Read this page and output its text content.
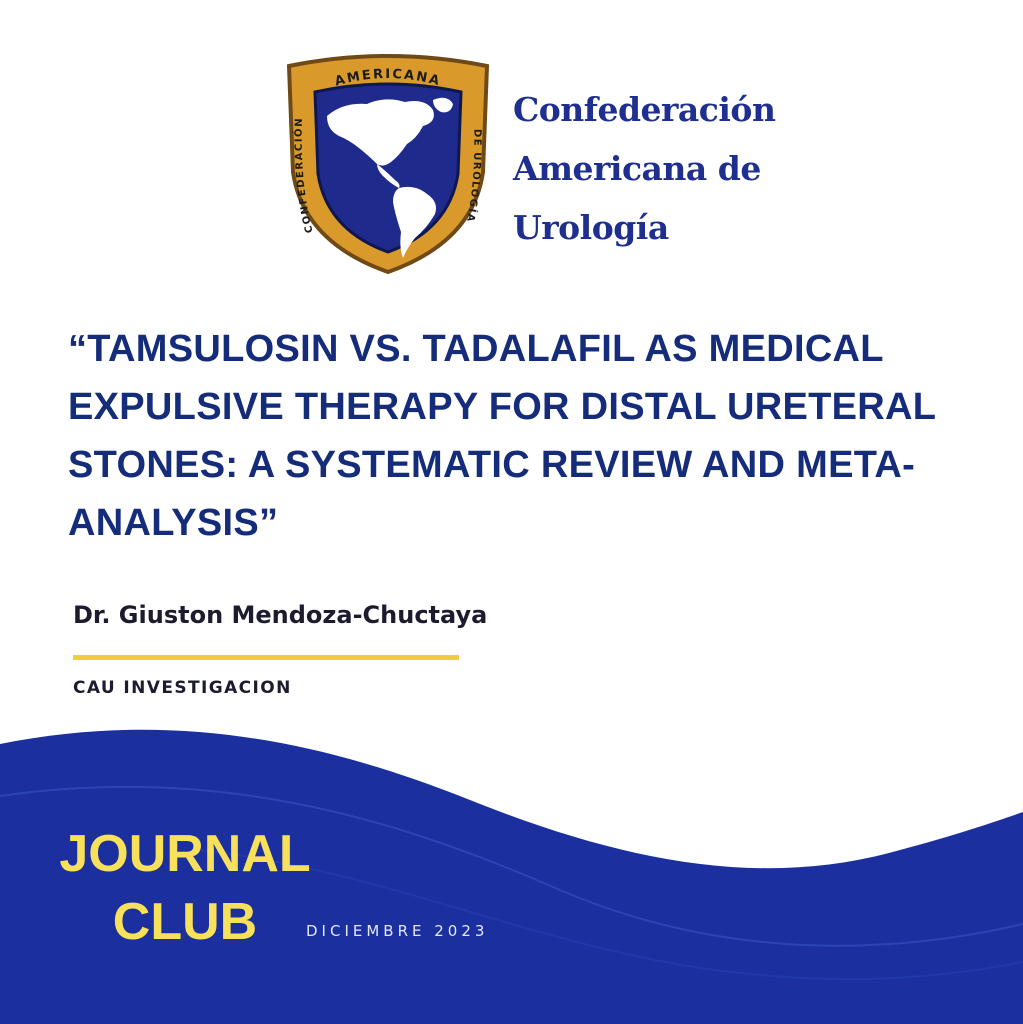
AMERICANA
CONFEDERACIÓN
DE UROLOGÍA
Confederación
Americana de
Urología
“TAMSULOSIN VS. TADALAFIL AS MEDICAL EXPULSIVE THERAPY FOR DISTAL URETERAL STONES: A SYSTEMATIC REVIEW AND META-ANALYSIS”

Dr. Giuston Mendoza-Chuctaya

CAU INVESTIGACION

JOURNAL
CLUB	DICIEMBRE 2023
